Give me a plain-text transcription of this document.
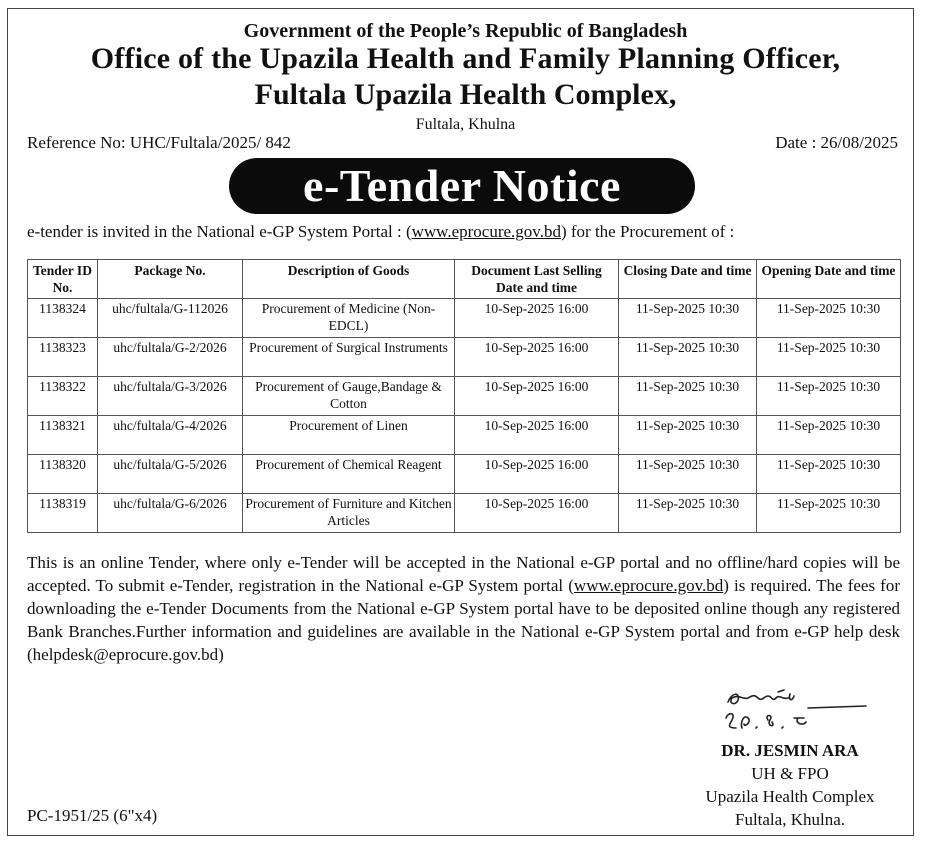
Government of the People’s Republic of Bangladesh
Office of the Upazila Health and Family Planning Officer,
Fultala Upazila Health Complex,
Fultala, Khulna
Reference No: UHC/Fultala/2025/ 842	Date : 26/08/2025
e-Tender Notice
e-tender is invited in the National e-GP System Portal : (www.eprocure.gov.bd) for the Procurement of :
Tender ID No.	Package No.	Description of Goods	Document Last Selling Date and time	Closing Date and time	Opening Date and time
1138324	uhc/fultala/G-112026	Procurement of Medicine (Non-EDCL)	10-Sep-2025 16:00	11-Sep-2025 10:30	11-Sep-2025 10:30
1138323	uhc/fultala/G-2/2026	Procurement of Surgical Instruments	10-Sep-2025 16:00	11-Sep-2025 10:30	11-Sep-2025 10:30
1138322	uhc/fultala/G-3/2026	Procurement of Gauge,Bandage & Cotton	10-Sep-2025 16:00	11-Sep-2025 10:30	11-Sep-2025 10:30
1138321	uhc/fultala/G-4/2026	Procurement of Linen	10-Sep-2025 16:00	11-Sep-2025 10:30	11-Sep-2025 10:30
1138320	uhc/fultala/G-5/2026	Procurement of Chemical Reagent	10-Sep-2025 16:00	11-Sep-2025 10:30	11-Sep-2025 10:30
1138319	uhc/fultala/G-6/2026	Procurement of Furniture and Kitchen Articles	10-Sep-2025 16:00	11-Sep-2025 10:30	11-Sep-2025 10:30
This is an online Tender, where only e-Tender will be accepted in the National e-GP portal and no offline/hard copies will be accepted. To submit e-Tender, registration in the National e-GP System portal (www.eprocure.gov.bd) is required. The fees for downloading the e-Tender Documents from the National e-GP System portal have to be deposited online though any registered Bank Branches.Further information and guidelines are available in the National e-GP System portal and from e-GP help desk (helpdesk@eprocure.gov.bd)
DR. JESMIN ARA
UH & FPO
Upazila Health Complex
Fultala, Khulna.
PC-1951/25 (6"x4)
